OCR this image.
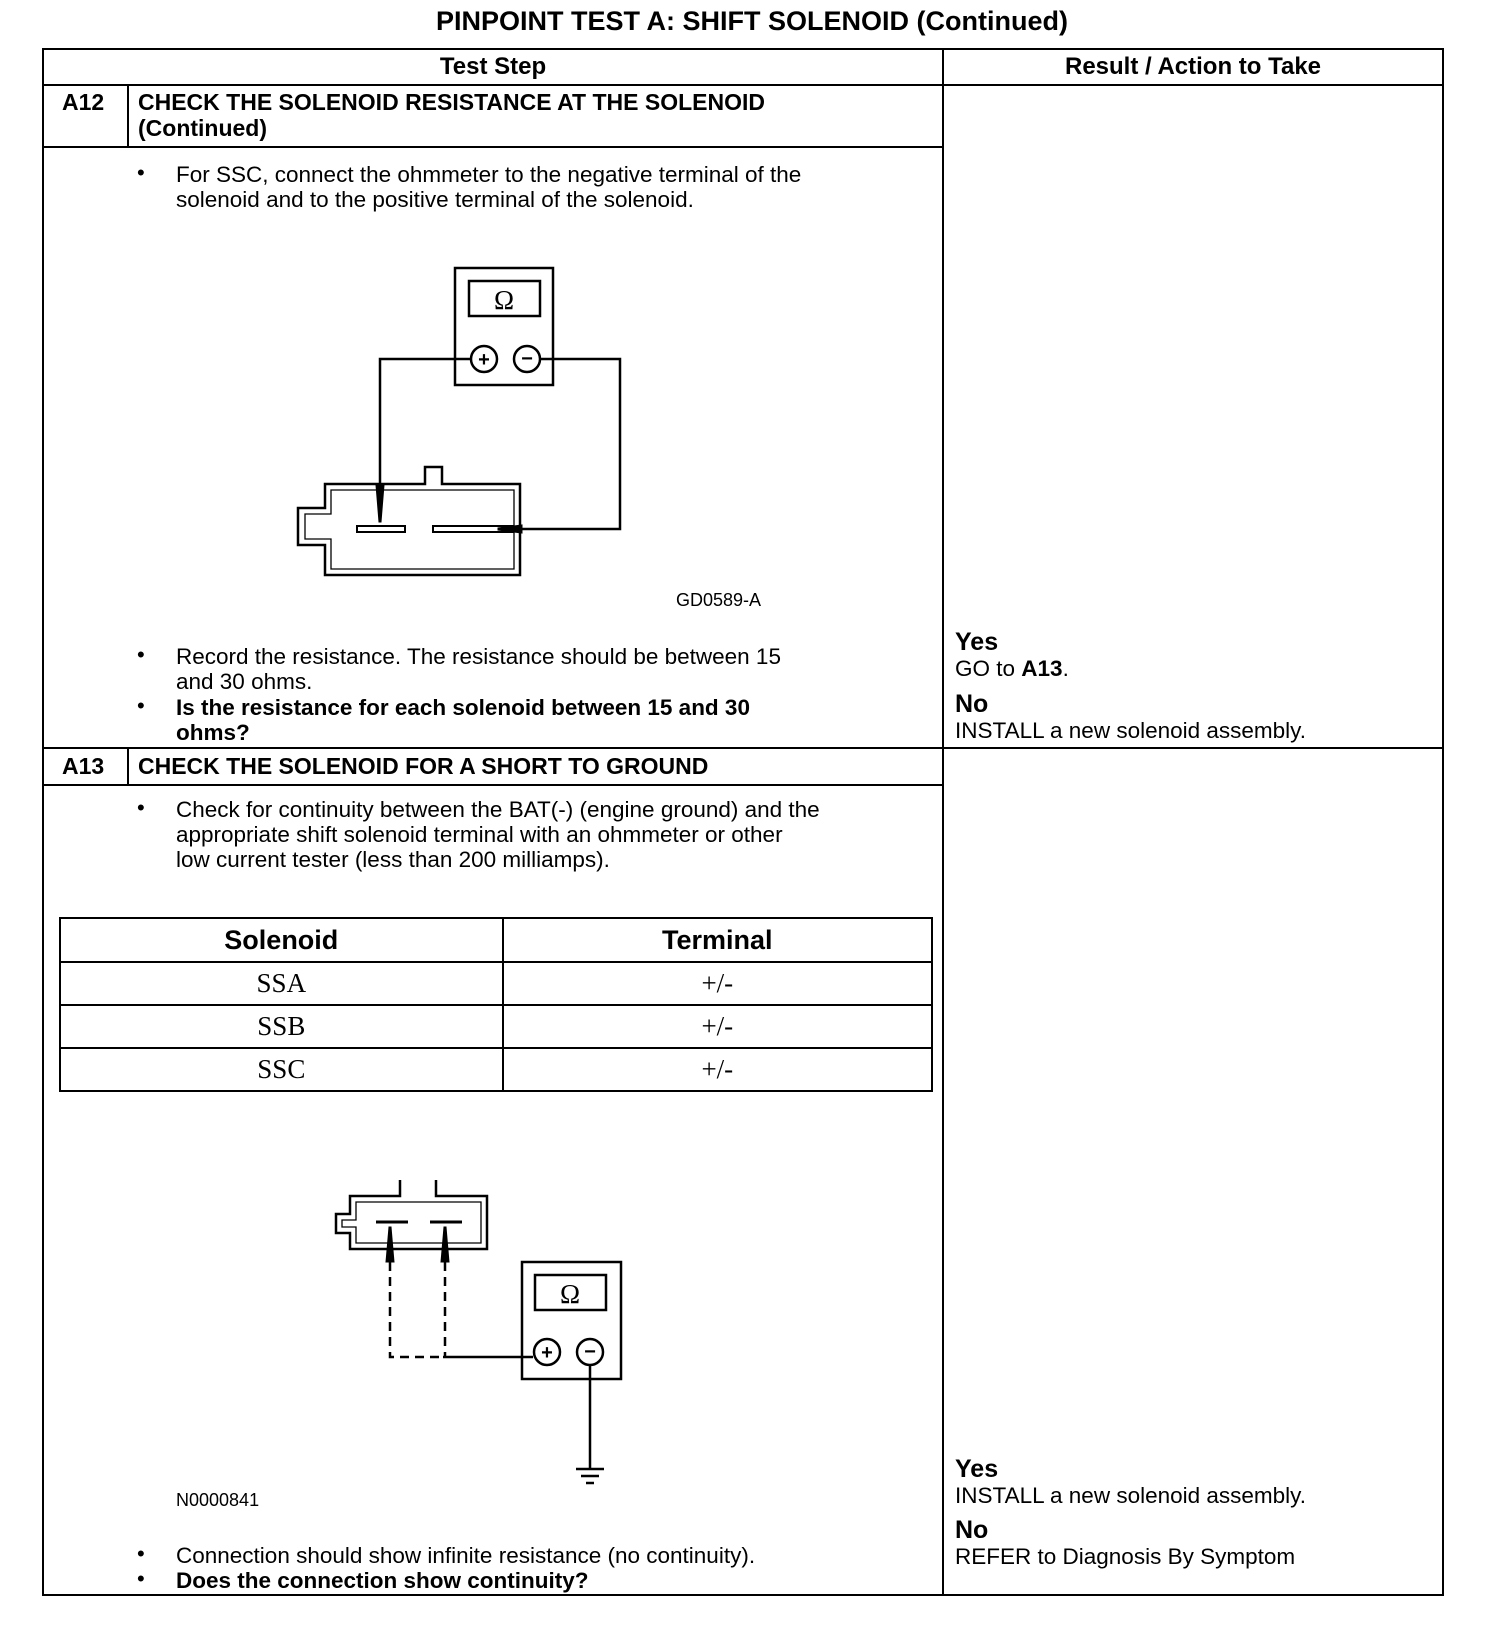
PINPOINT TEST A: SHIFT SOLENOID (Continued)
Test Step	Result / Action to Take
A12 CHECK THE SOLENOID RESISTANCE AT THE SOLENOID
(Continued)
• For SSC, connect the ohmmeter to the negative terminal of the
solenoid and to the positive terminal of the solenoid.
Ω
+ −
GD0589-A
• Record the resistance. The resistance should be between 15
and 30 ohms.
• Is the resistance for each solenoid between 15 and 30
ohms?
Yes
GO to A13.
No
INSTALL a new solenoid assembly.
A13 CHECK THE SOLENOID FOR A SHORT TO GROUND
• Check for continuity between the BAT(-) (engine ground) and the
appropriate shift solenoid terminal with an ohmmeter or other
low current tester (less than 200 milliamps).
Solenoid	Terminal
SSA	+/-
SSB	+/-
SSC	+/-
Ω
+ −
N0000841
• Connection should show infinite resistance (no continuity).
• Does the connection show continuity?
Yes
INSTALL a new solenoid assembly.
No
REFER to Diagnosis By Symptom
